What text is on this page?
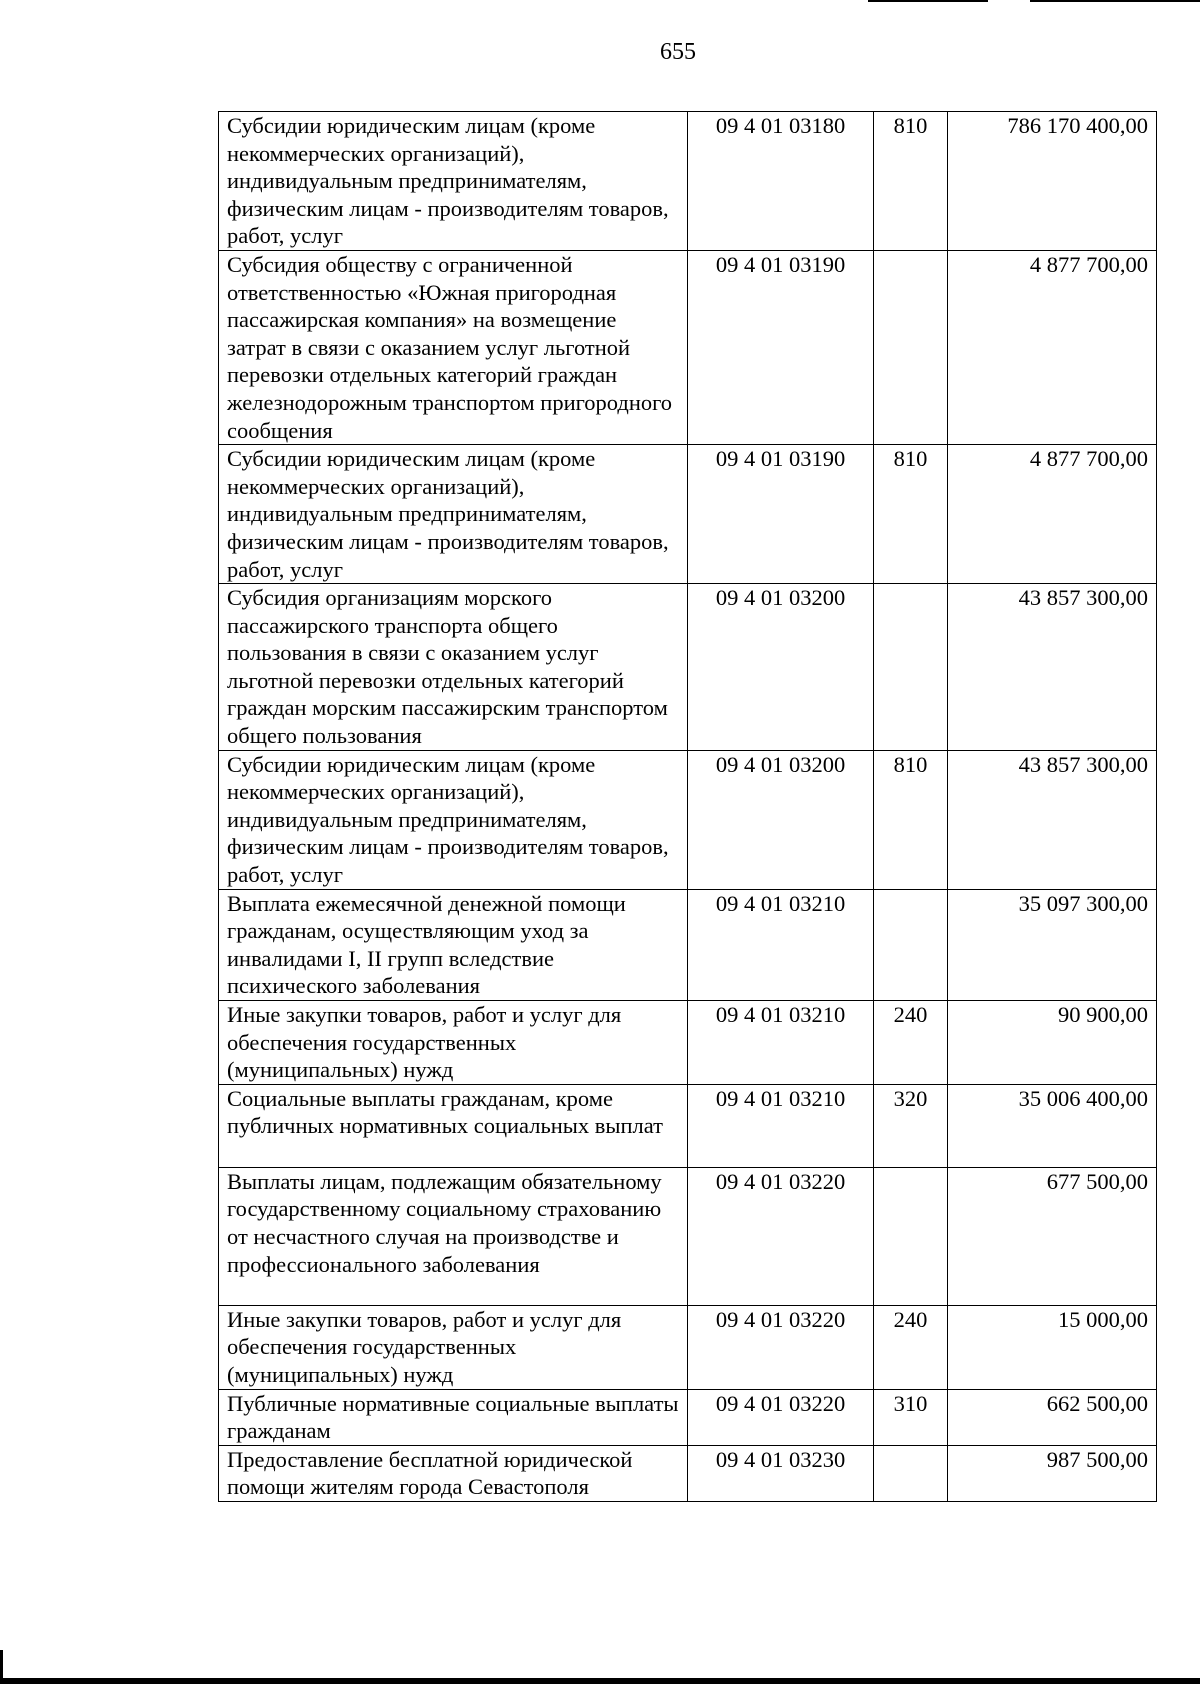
655
Субсидии юридическим лицам (кроме некоммерческих организаций), индивидуальным предпринимателям, физическим лицам - производителям товаров, работ, услуг	09 4 01 03180	810	786 170 400,00
Субсидия обществу с ограниченной ответственностью «Южная пригородная пассажирская компания» на возмещение затрат в связи с оказанием услуг льготной перевозки отдельных категорий граждан железнодорожным транспортом пригородного сообщения	09 4 01 03190		4 877 700,00
Субсидии юридическим лицам (кроме некоммерческих организаций), индивидуальным предпринимателям, физическим лицам - производителям товаров, работ, услуг	09 4 01 03190	810	4 877 700,00
Субсидия организациям морского пассажирского транспорта общего пользования в связи с оказанием услуг льготной перевозки отдельных категорий граждан морским пассажирским транспортом общего пользования	09 4 01 03200		43 857 300,00
Субсидии юридическим лицам (кроме некоммерческих организаций), индивидуальным предпринимателям, физическим лицам - производителям товаров, работ, услуг	09 4 01 03200	810	43 857 300,00
Выплата ежемесячной денежной помощи гражданам, осуществляющим уход за инвалидами I, II групп вследствие психического заболевания	09 4 01 03210		35 097 300,00
Иные закупки товаров, работ и услуг для обеспечения государственных (муниципальных) нужд	09 4 01 03210	240	90 900,00
Социальные выплаты гражданам, кроме публичных нормативных социальных выплат	09 4 01 03210	320	35 006 400,00
Выплаты лицам, подлежащим обязательному государственному социальному страхованию от несчастного случая на производстве и профессионального заболевания	09 4 01 03220		677 500,00
Иные закупки товаров, работ и услуг для обеспечения государственных (муниципальных) нужд	09 4 01 03220	240	15 000,00
Публичные нормативные социальные выплаты гражданам	09 4 01 03220	310	662 500,00
Предоставление бесплатной юридической помощи жителям города Севастополя	09 4 01 03230		987 500,00
